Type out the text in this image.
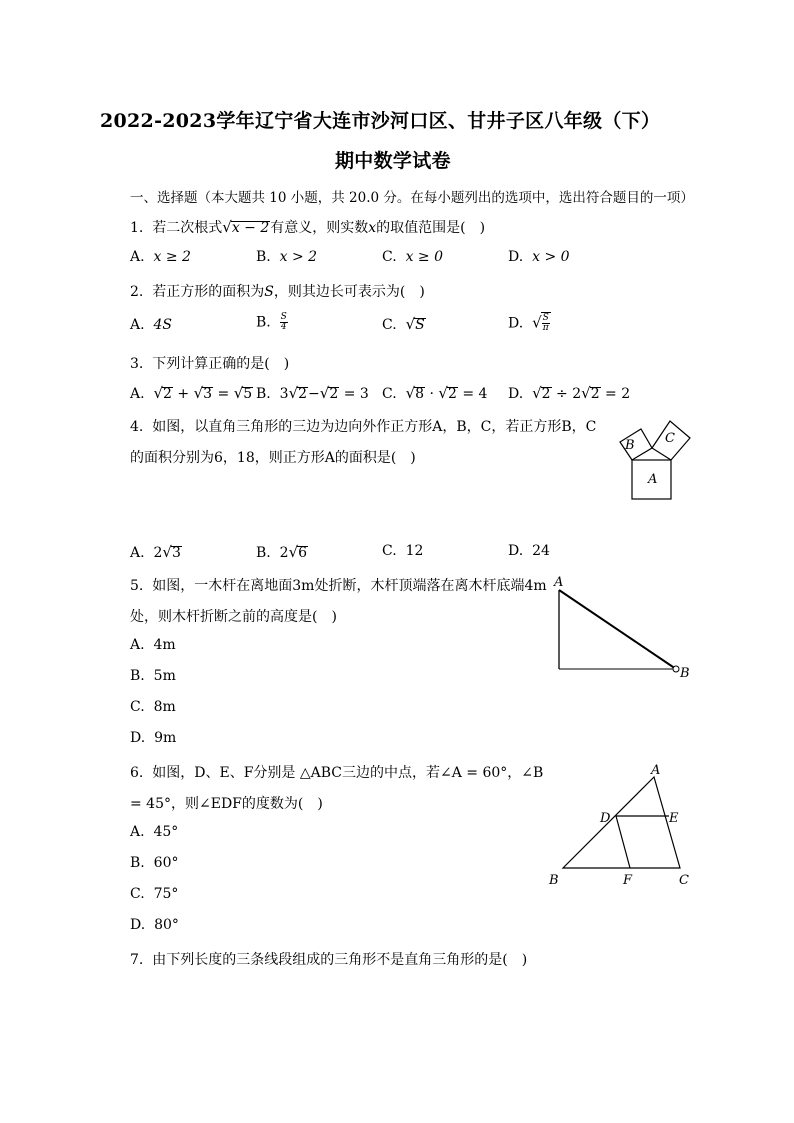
2022-2023学年辽宁省大连市沙河口区、甘井子区八年级（下）
期中数学试卷
一、选择题（本大题共 10 小题，共 20.0 分。在每小题列出的选项中，选出符合题目的一项）
1. 若二次根式√x − 2有意义，则实数x的取值范围是(　)
A. x ≥ 2	B. x > 2	C. x ≥ 0	D. x > 0
2. 若正方形的面积为S，则其边长可表示为(　)
A. 4S	B. $\frac{S}{4}$	C. √S	D. √ $\frac{S}{\pi}$
3. 下列计算正确的是(　)
A. √2 + √3 = √5 B.  3√2−√2 = 3 C. √8 · √2 = 4 D. √2 ÷ 2√2 = 2
4. 如图，以直角三角形的三边为边向外作正方形A，B，C，若正方形B，C
的面积分别为6，18，则正方形A的面积是(　)
B C
A
A. 2√3	B. 2√6	C. 12	D. 24
5. 如图，一木杆在离地面3m处折断，木杆顶端落在离木杆底端4m
处，则木杆折断之前的高度是(　)
A
B
A. 4m
B. 5m
C. 8m
D. 9m
6. 如图，D、E、F分别是 △ABC三边的中点，若∠A = 60°，∠B
= 45°，则∠EDF的度数为(　)
A
D	E
B	F	C
A. 45°
B. 60°
C. 75°
D. 80°
7. 由下列长度的三条线段组成的三角形不是直角三角形的是(　)
